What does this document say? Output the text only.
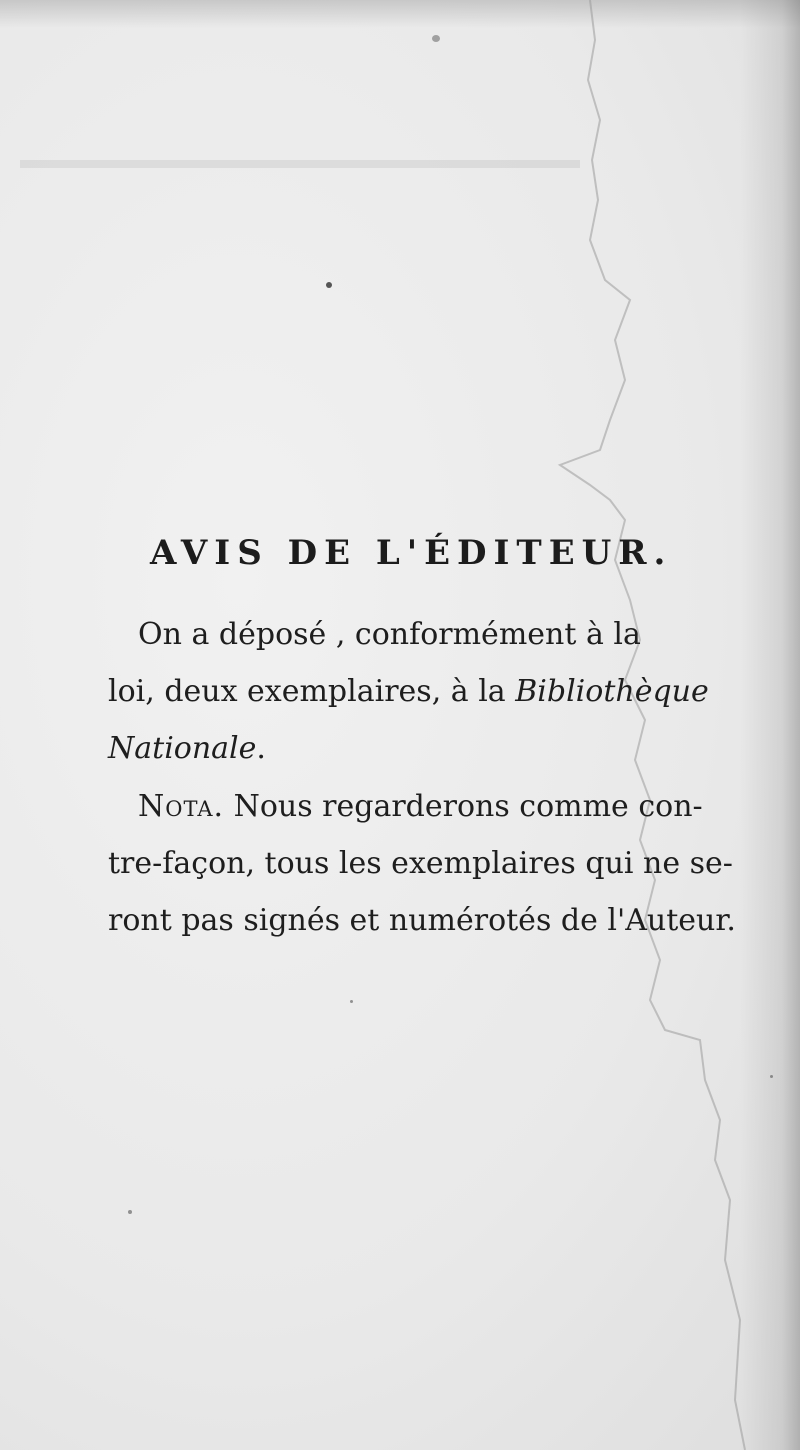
AVIS DE L'ÉDITEUR.
On a déposé , conformément à la
loi, deux exemplaires, à la Bibliothèque
Nationale.
Nota. Nous regarderons comme con-
tre-façon, tous les exemplaires qui ne se-
ront pas signés et numérotés de l'Auteur.
